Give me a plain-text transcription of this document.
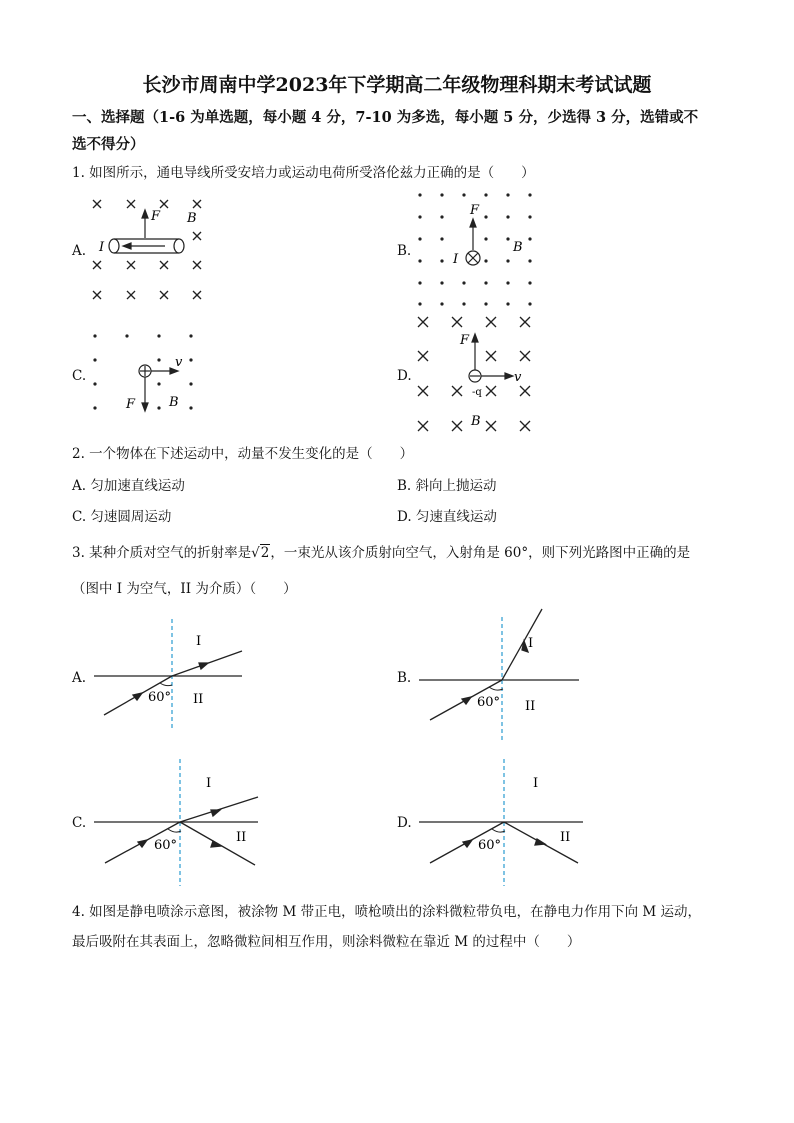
长沙市周南中学2023年下学期高二年级物理科期末考试试题
一、选择题（1-6 为单选题，每小题 4 分，7-10 为多选，每小题 5 分，少选得 3 分，选错或不
选不得分）
1. 如图所示，通电导线所受安培力或运动电荷所受洛伦兹力正确的是（　　）
A.
F B
I	B.
F
B
I
C.
v
F	B
D.
F
v
-q
B
2. 一个物体在下述运动中，动量不发生变化的是（　　）
A. 匀加速直线运动	B. 斜向上抛运动
C. 匀速圆周运动	D. 匀速直线运动
3. 某种介质对空气的折射率是√2，一束光从该介质射向空气，入射角是 60°，则下列光路图中正确的是
（图中 I 为空气，II 为介质）（　　）
A.
60°
I
II
B.
60°
I
II
C.
60°
I
II
D.
60°
I
II
4. 如图是静电喷涂示意图，被涂物 M 带正电，喷枪喷出的涂料微粒带负电，在静电力作用下向 M 运动，
最后吸附在其表面上，忽略微粒间相互作用，则涂料微粒在靠近 M 的过程中（　　）
